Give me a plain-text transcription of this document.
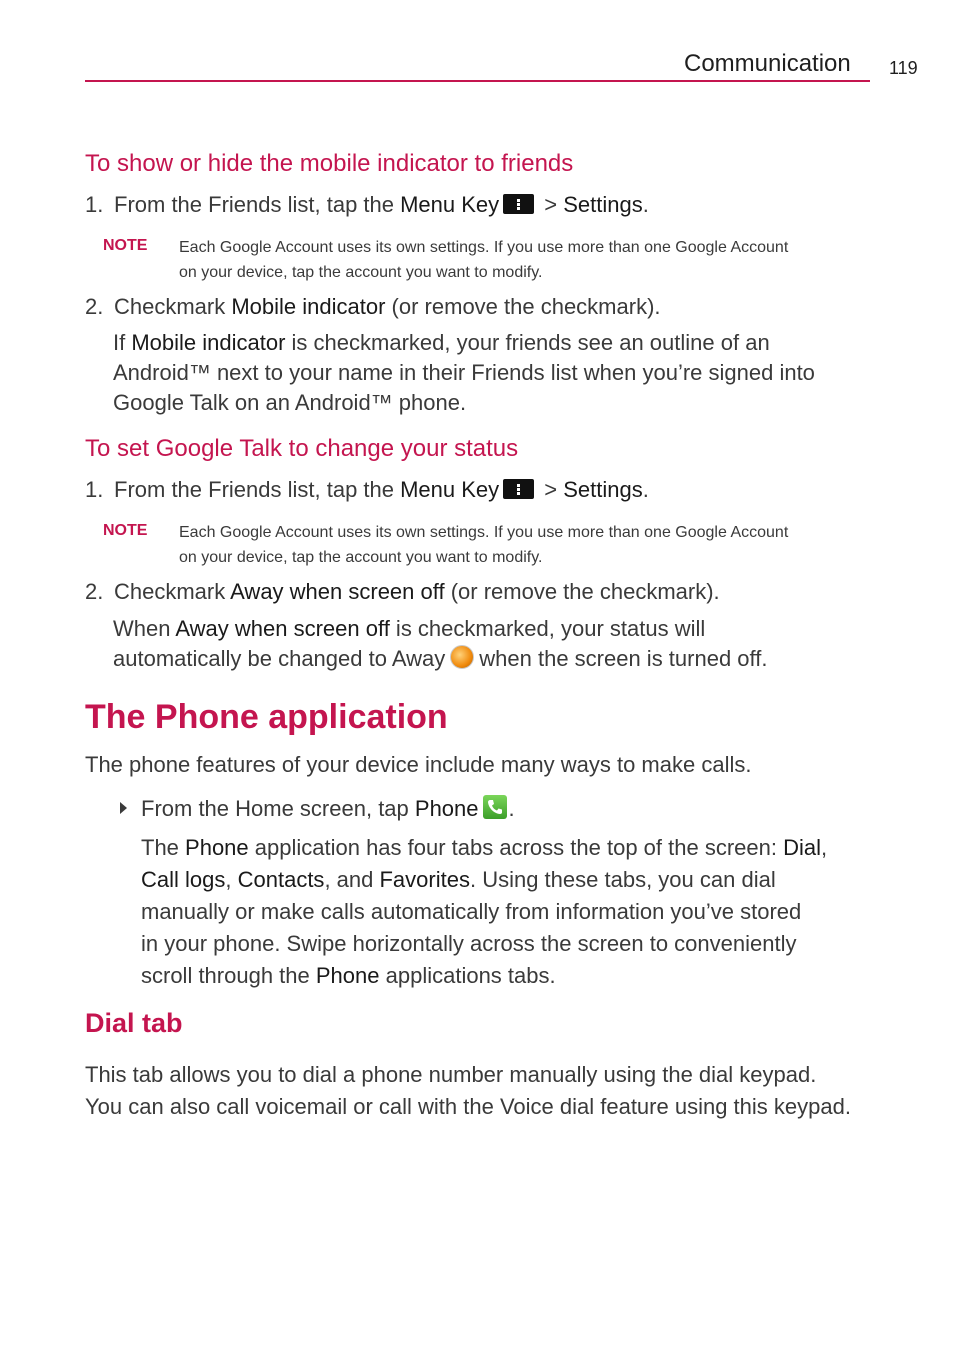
Communication 119
To show or hide the mobile indicator to friends
1. From the Friends list, tap the Menu Key
> Settings.
NOTE Each Google Account uses its own settings. If you use more than one Google Account
on your device, tap the account you want to modify.
2. Checkmark Mobile indicator (or remove the checkmark).
If Mobile indicator is checkmarked, your friends see an outline of an
Android™ next to your name in their Friends list when you’re signed into
Google Talk on an Android™ phone.
To set Google Talk to change your status
1. From the Friends list, tap the Menu Key
> Settings.
NOTE Each Google Account uses its own settings. If you use more than one Google Account
on your device, tap the account you want to modify.
2. Checkmark Away when screen off (or remove the checkmark).
When Away when screen off is checkmarked, your status will
automatically be changed to Away when the screen is turned off.
The Phone application
The phone features of your device include many ways to make calls.
From the Home screen, tap Phone .
The Phone application has four tabs across the top of the screen: Dial,
Call logs, Contacts, and Favorites. Using these tabs, you can dial
manually or make calls automatically from information you’ve stored
in your phone. Swipe horizontally across the screen to conveniently
scroll through the Phone applications tabs.
Dial tab
This tab allows you to dial a phone number manually using the dial keypad.
You can also call voicemail or call with the Voice dial feature using this keypad.
